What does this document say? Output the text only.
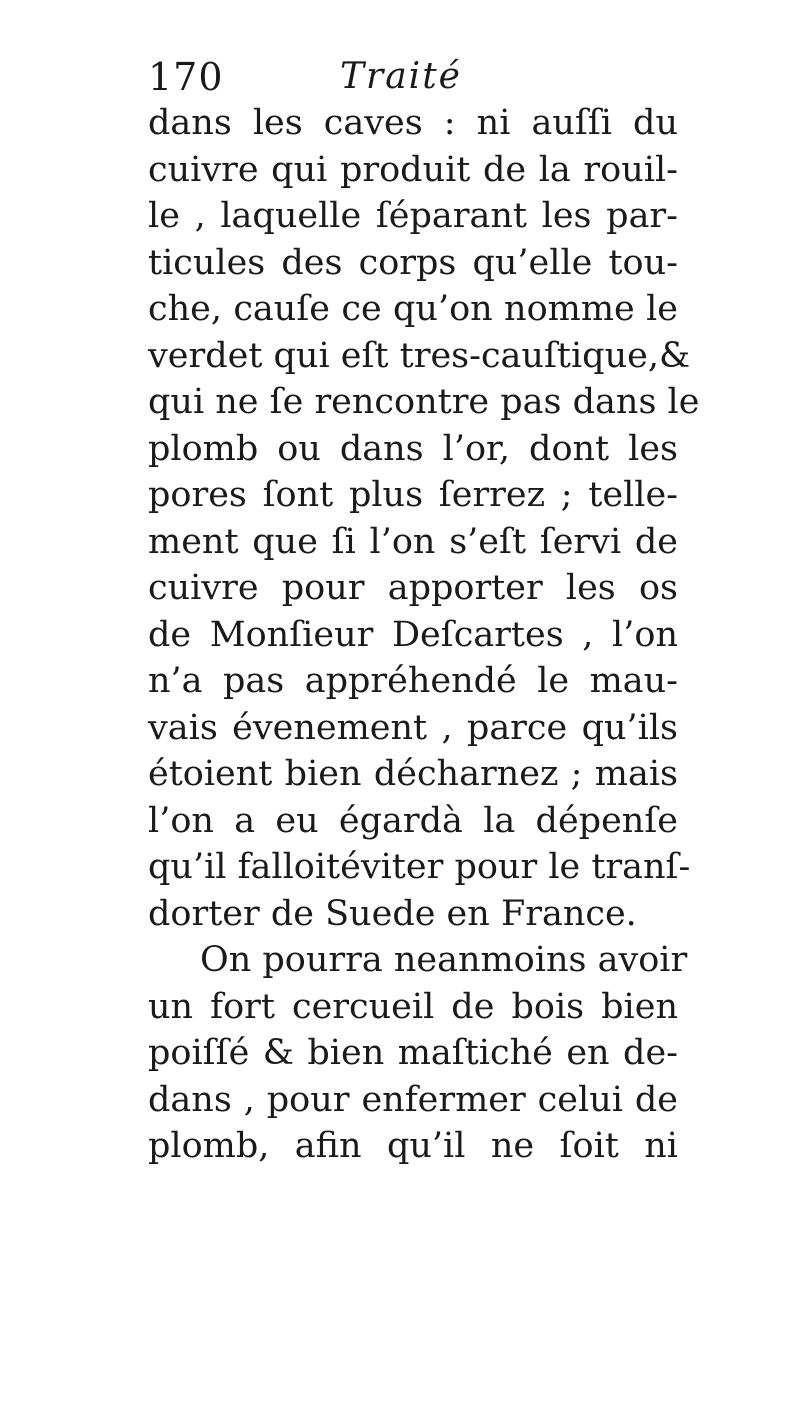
170	Traité
dans les caves : ni auſſi du
cuivre qui produit de la rouil-
le , laquelle ſéparant les par-
ticules des corps qu’elle tou-
che, cauſe ce qu’on nomme le
verdet qui eſt tres-cauſtique,&
qui ne ſe rencontre pas dans le
plomb ou dans l’or, dont les
pores ſont plus ſerrez ; telle-
ment que ſi l’on s’eſt ſervi de
cuivre pour apporter les os
de Monſieur Deſcartes , l’on
n’a pas appréhendé le mau-
vais évenement , parce qu’ils
étoient bien décharnez ; mais
l’on a eu égardà la dépenſe
qu’il falloitéviter pour le tranſ-
dorter de Suede en France.
On pourra neanmoins avoir
un fort cercueil de bois bien
poiſſé & bien maſtiché en de-
dans , pour enfermer celui de
plomb, afin qu’il ne ſoit ni
